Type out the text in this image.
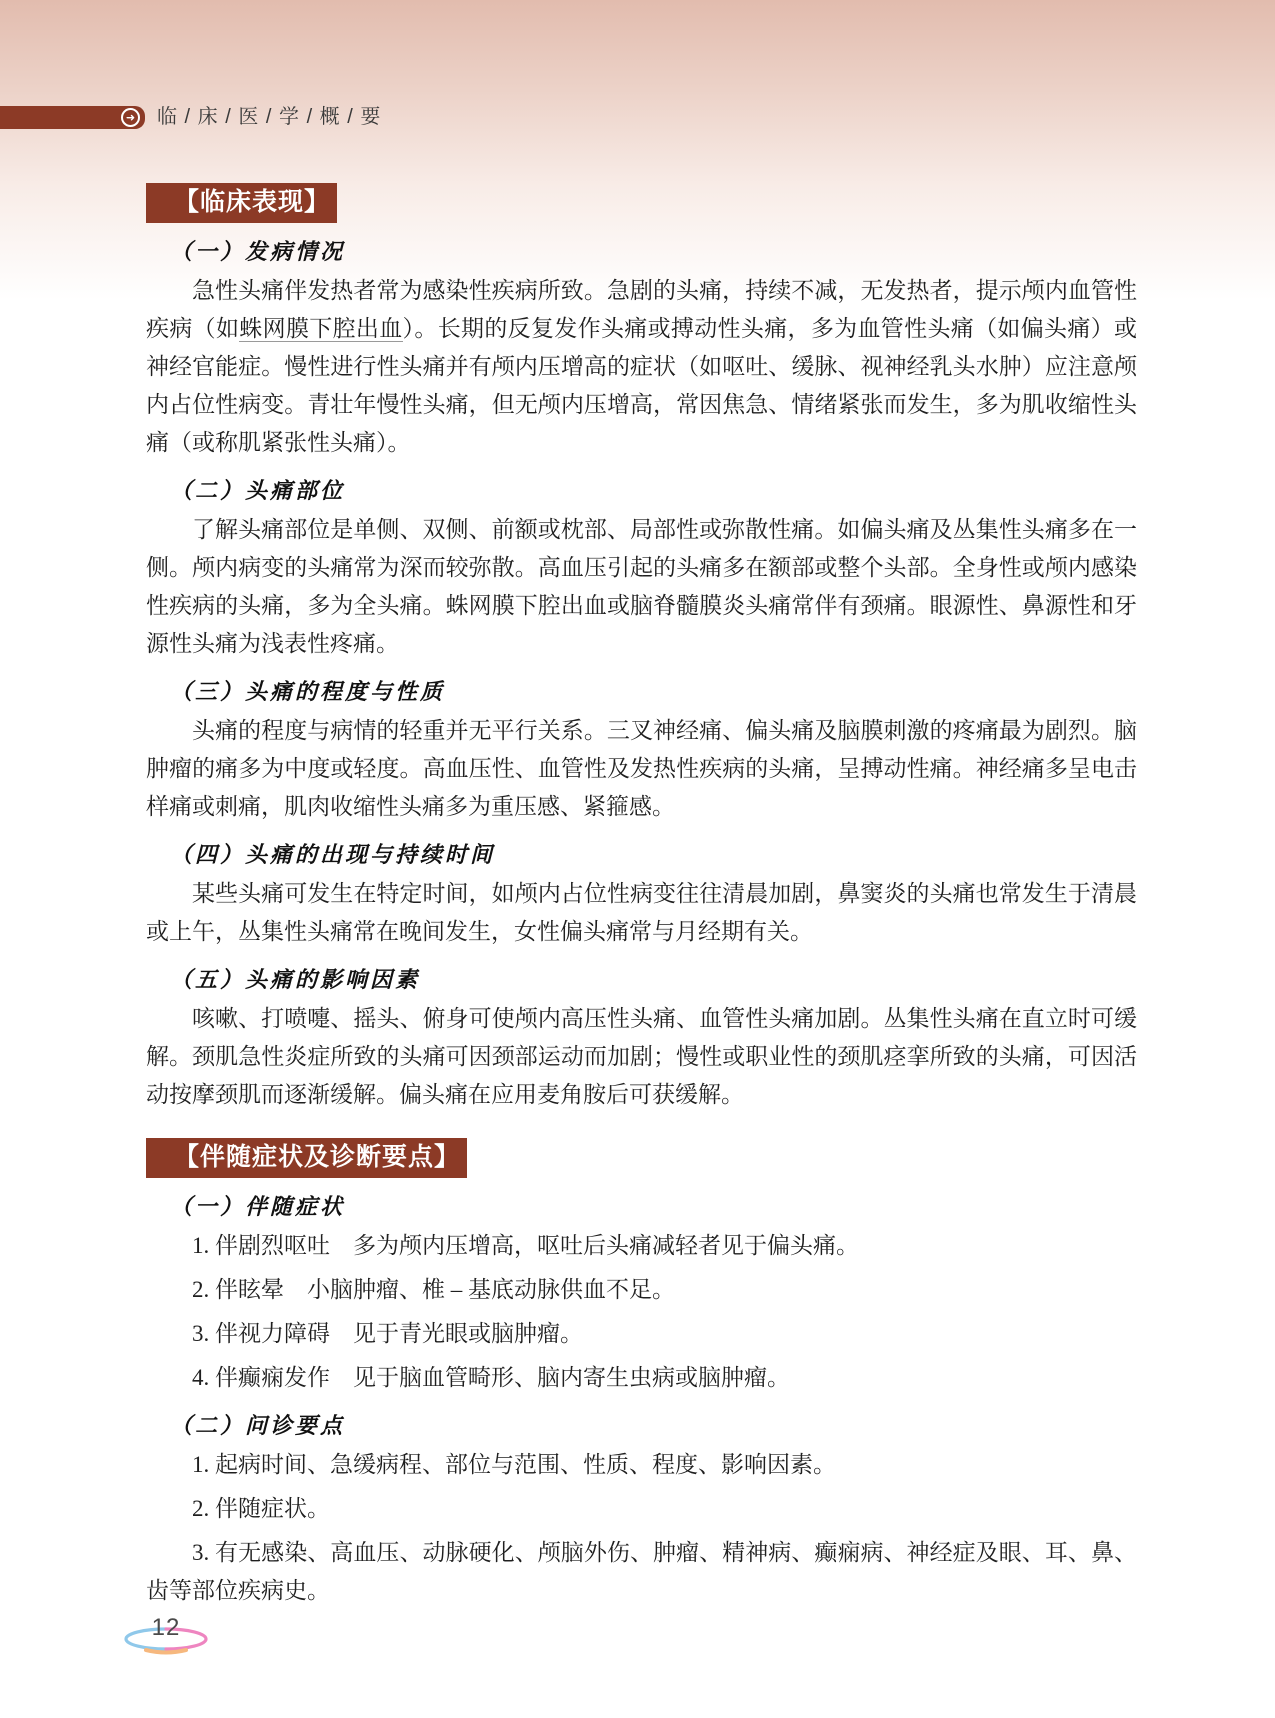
➜ 临 / 床 / 医 / 学 / 概 / 要
【临床表现】
（一）发病情况

急性头痛伴发热者常为感染性疾病所致。急剧的头痛，持续不减，无发热者，提示颅内血管性疾病（如蛛网膜下腔出血）。长期的反复发作头痛或搏动性头痛，多为血管性头痛（如偏头痛）或神经官能症。慢性进行性头痛并有颅内压增高的症状（如呕吐、缓脉、视神经乳头水肿）应注意颅内占位性病变。青壮年慢性头痛，但无颅内压增高，常因焦急、情绪紧张而发生，多为肌收缩性头痛（或称肌紧张性头痛）。

（二）头痛部位

了解头痛部位是单侧、双侧、前额或枕部、局部性或弥散性痛。如偏头痛及丛集性头痛多在一侧。颅内病变的头痛常为深而较弥散。高血压引起的头痛多在额部或整个头部。全身性或颅内感染性疾病的头痛，多为全头痛。蛛网膜下腔出血或脑脊髓膜炎头痛常伴有颈痛。眼源性、鼻源性和牙源性头痛为浅表性疼痛。

（三）头痛的程度与性质

头痛的程度与病情的轻重并无平行关系。三叉神经痛、偏头痛及脑膜刺激的疼痛最为剧烈。脑肿瘤的痛多为中度或轻度。高血压性、血管性及发热性疾病的头痛，呈搏动性痛。神经痛多呈电击样痛或刺痛，肌肉收缩性头痛多为重压感、紧箍感。

（四）头痛的出现与持续时间

某些头痛可发生在特定时间，如颅内占位性病变往往清晨加剧，鼻窦炎的头痛也常发生于清晨或上午，丛集性头痛常在晚间发生，女性偏头痛常与月经期有关。

（五）头痛的影响因素

咳嗽、打喷嚏、摇头、俯身可使颅内高压性头痛、血管性头痛加剧。丛集性头痛在直立时可缓解。颈肌急性炎症所致的头痛可因颈部运动而加剧；慢性或职业性的颈肌痉挛所致的头痛，可因活动按摩颈肌而逐渐缓解。偏头痛在应用麦角胺后可获缓解。

【伴随症状及诊断要点】
（一）伴随症状

1. 伴剧烈呕吐　多为颅内压增高，呕吐后头痛减轻者见于偏头痛。

2. 伴眩晕　小脑肿瘤、椎 – 基底动脉供血不足。

3. 伴视力障碍　见于青光眼或脑肿瘤。

4. 伴癫痫发作　见于脑血管畸形、脑内寄生虫病或脑肿瘤。

（二）问诊要点

1. 起病时间、急缓病程、部位与范围、性质、程度、影响因素。

2. 伴随症状。

3. 有无感染、高血压、动脉硬化、颅脑外伤、肿瘤、精神病、癫痫病、神经症及眼、耳、鼻、齿等部位疾病史。

12
